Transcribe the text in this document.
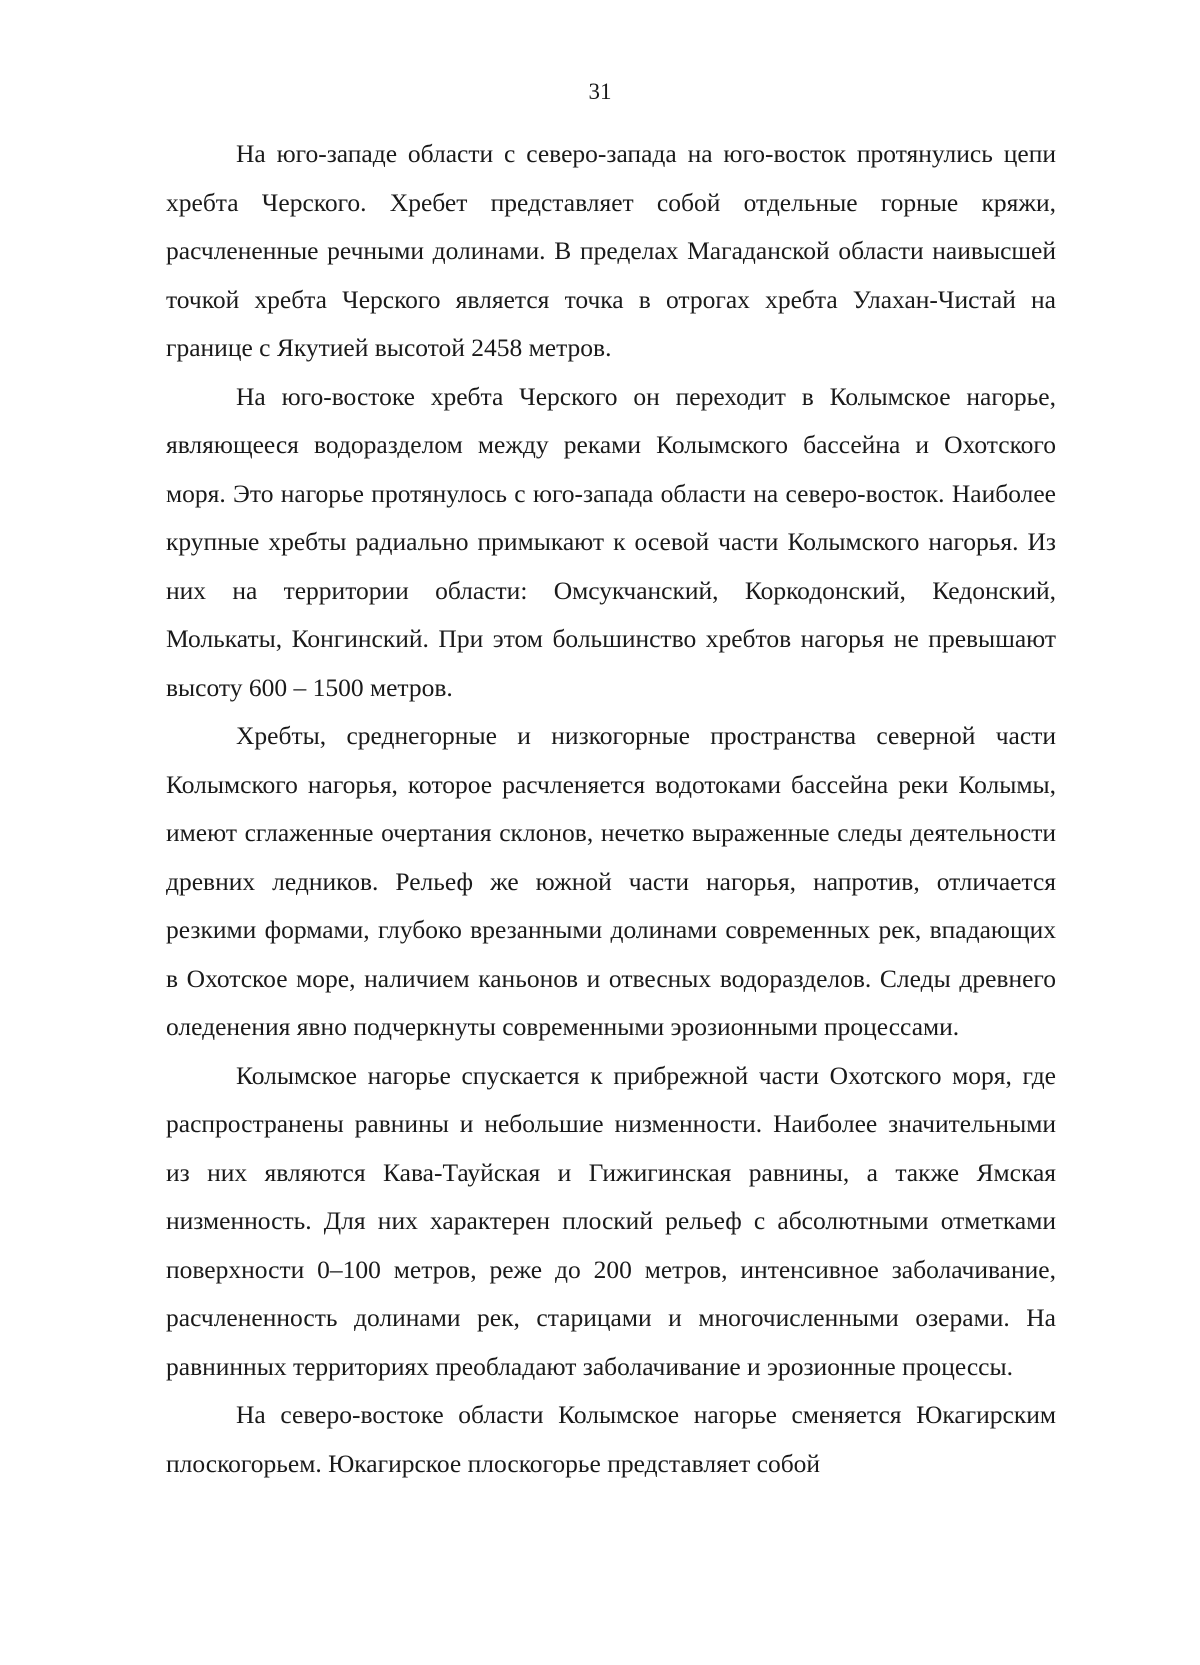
31

На юго-западе области с северо-запада на юго-восток протянулись цепи хребта Черского. Хребет представляет собой отдельные горные кряжи, расчлененные речными долинами. В пределах Магаданской области наивысшей точкой хребта Черского является точка в отрогах хребта Улахан-Чистай на границе с Якутией высотой 2458 метров.

На юго-востоке хребта Черского он переходит в Колымское нагорье, являющееся водоразделом между реками Колымского бассейна и Охотского моря. Это нагорье протянулось с юго-запада области на северо-восток. Наиболее крупные хребты радиально примыкают к осевой части Колымского нагорья. Из них на территории области: Омсукчанский, Коркодонский, Кедонский, Молькаты, Конгинский. При этом большинство хребтов нагорья не превышают высоту 600 – 1500 метров.

Хребты, среднегорные и низкогорные пространства северной части Колымского нагорья, которое расчленяется водотоками бассейна реки Колымы, имеют сглаженные очертания склонов, нечетко выраженные следы деятельности древних ледников. Рельеф же южной части нагорья, напротив, отличается резкими формами, глубоко врезанными долинами современных рек, впадающих в Охотское море, наличием каньонов и отвесных водоразделов. Следы древнего оледенения явно подчеркнуты современными эрозионными процессами.

Колымское нагорье спускается к прибрежной части Охотского моря, где распространены равнины и небольшие низменности. Наиболее значительными из них являются Кава-Тауйская и Гижигинская равнины, а также Ямская низменность. Для них характерен плоский рельеф с абсолютными отметками поверхности 0–100 метров, реже до 200 метров, интенсивное заболачивание, расчлененность долинами рек, старицами и многочисленными озерами. На равнинных территориях преобладают заболачивание и эрозионные процессы.

На северо-востоке области Колымское нагорье сменяется Юкагирским плоскогорьем. Юкагирское плоскогорье представляет собой
